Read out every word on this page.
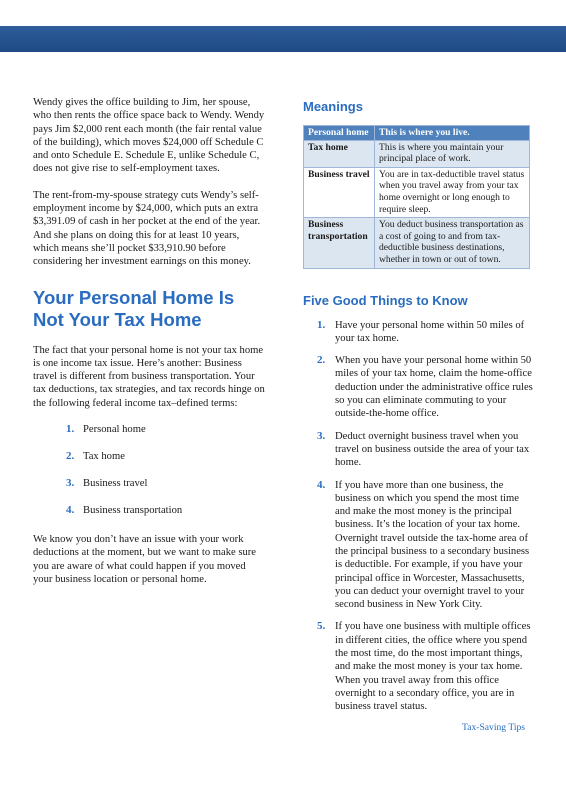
Wendy gives the office building to Jim, her spouse, who then rents the office space back to Wendy. Wendy pays Jim $2,000 rent each month (the fair rental value of the building), which moves $24,000 off Schedule C and onto Schedule E. Schedule E, unlike Schedule C, does not give rise to self-employment taxes.

The rent-from-my-spouse strategy cuts Wendy’s self-employment income by $24,000, which puts an extra $3,391.09 of cash in her pocket at the end of the year. And she plans on doing this for at least 10 years, which means she’ll pocket $33,910.90 before considering her investment earnings on this money.

Your Personal Home Is Not Your Tax Home

The fact that your personal home is not your tax home is one income tax issue. Here’s another: Business travel is different from business transportation. Your tax deductions, tax strategies, and tax records hinge on the following federal income tax–defined terms:

1. Personal home
2. Tax home
3. Business travel
4. Business transportation

We know you don’t have an issue with your work deductions at the moment, but we want to make sure you are aware of what could happen if you moved your business location or personal home.

Meanings
Personal home	This is where you live.
Tax home	This is where you maintain your principal place of work.
Business travel	You are in tax-deductible travel status when you travel away from your tax home overnight or long enough to require sleep.
Business transportation	You deduct business transportation as a cost of going to and from tax-deductible business destinations, whether in town or out of town.
Five Good Things to Know
1. Have your personal home within 50 miles of your tax home.
2. When you have your personal home within 50 miles of your tax home, claim the home-office deduction under the administrative office rules so you can eliminate commuting to your outside-the-home office.
3. Deduct overnight business travel when you travel on business outside the area of your tax home.
4. If you have more than one business, the business on which you spend the most time and make the most money is the principal business. It’s the location of your tax home. Overnight travel outside the tax-home area of the principal business to a secondary business is deductible. For example, if you have your principal office in Worcester, Massachusetts, you can deduct your overnight travel to your second business in New York City.
5. If you have one business with multiple offices in different cities, the office where you spend the most time, do the most important things, and make the most money is your tax home. When you travel away from this office overnight to a secondary office, you are in business travel status.
Tax-Saving Tips
